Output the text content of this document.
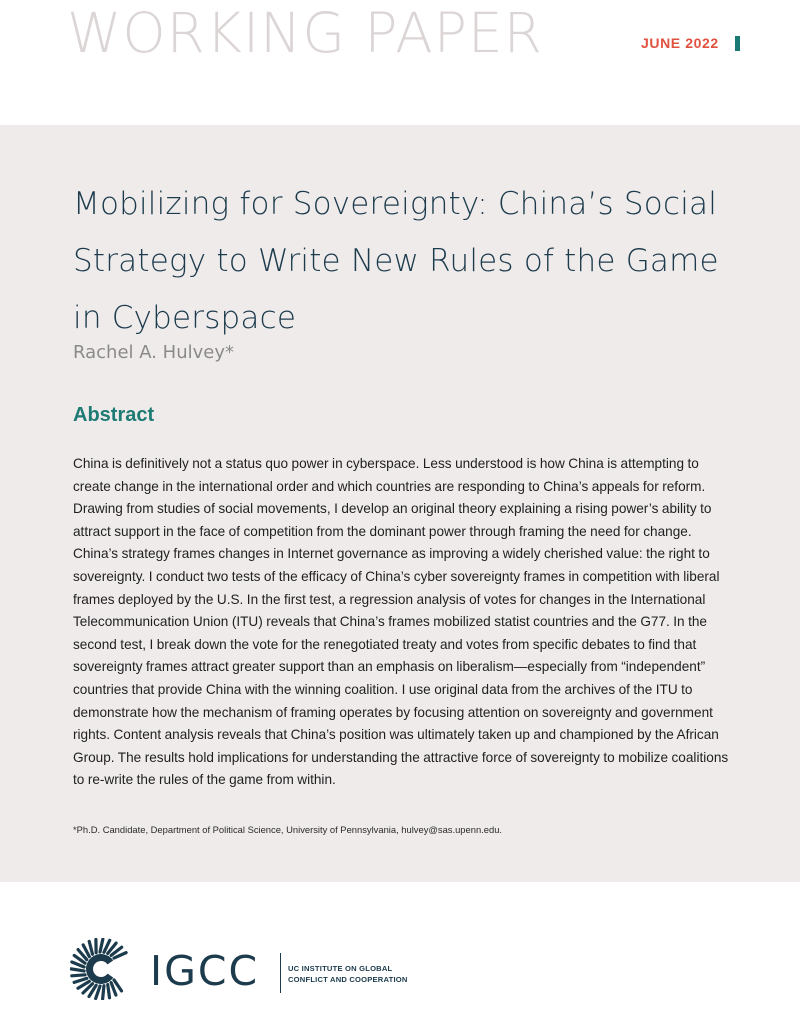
WORKING PAPER	JUNE 2022
Mobilizing for Sovereignty: China’s Social Strategy to Write New Rules of the Game in Cyberspace
Rachel A. Hulvey*
Abstract

China is definitively not a status quo power in cyberspace. Less understood is how China is attempting to create change in the international order and which countries are responding to China’s appeals for reform. Drawing from studies of social movements, I develop an original theory explaining a rising power’s ability to attract support in the face of competition from the dominant power through framing the need for change. China’s strategy frames changes in Internet governance as improving a widely cherished value: the right to sovereignty. I conduct two tests of the efficacy of China’s cyber sovereignty frames in competition with liberal frames deployed by the U.S. In the first test, a regression analysis of votes for changes in the International Telecommunication Union (ITU) reveals that China’s frames mobilized statist countries and the G77. In the second test, I break down the vote for the renegotiated treaty and votes from specific debates to find that sovereignty frames attract greater support than an emphasis on liberalism—especially from “independent” countries that provide China with the winning coalition. I use original data from the archives of the ITU to demonstrate how the mechanism of framing operates by focusing attention on sovereignty and government rights. Content analysis reveals that China’s position was ultimately taken up and championed by the African Group. The results hold implications for understanding the attractive force of sovereignty to mobilize coalitions to re-write the rules of the game from within.

*Ph.D. Candidate, Department of Political Science, University of Pennsylvania, hulvey@sas.upenn.edu.
IGCC	UC INSTITUTE ON GLOBAL
CONFLICT AND COOPERATION
